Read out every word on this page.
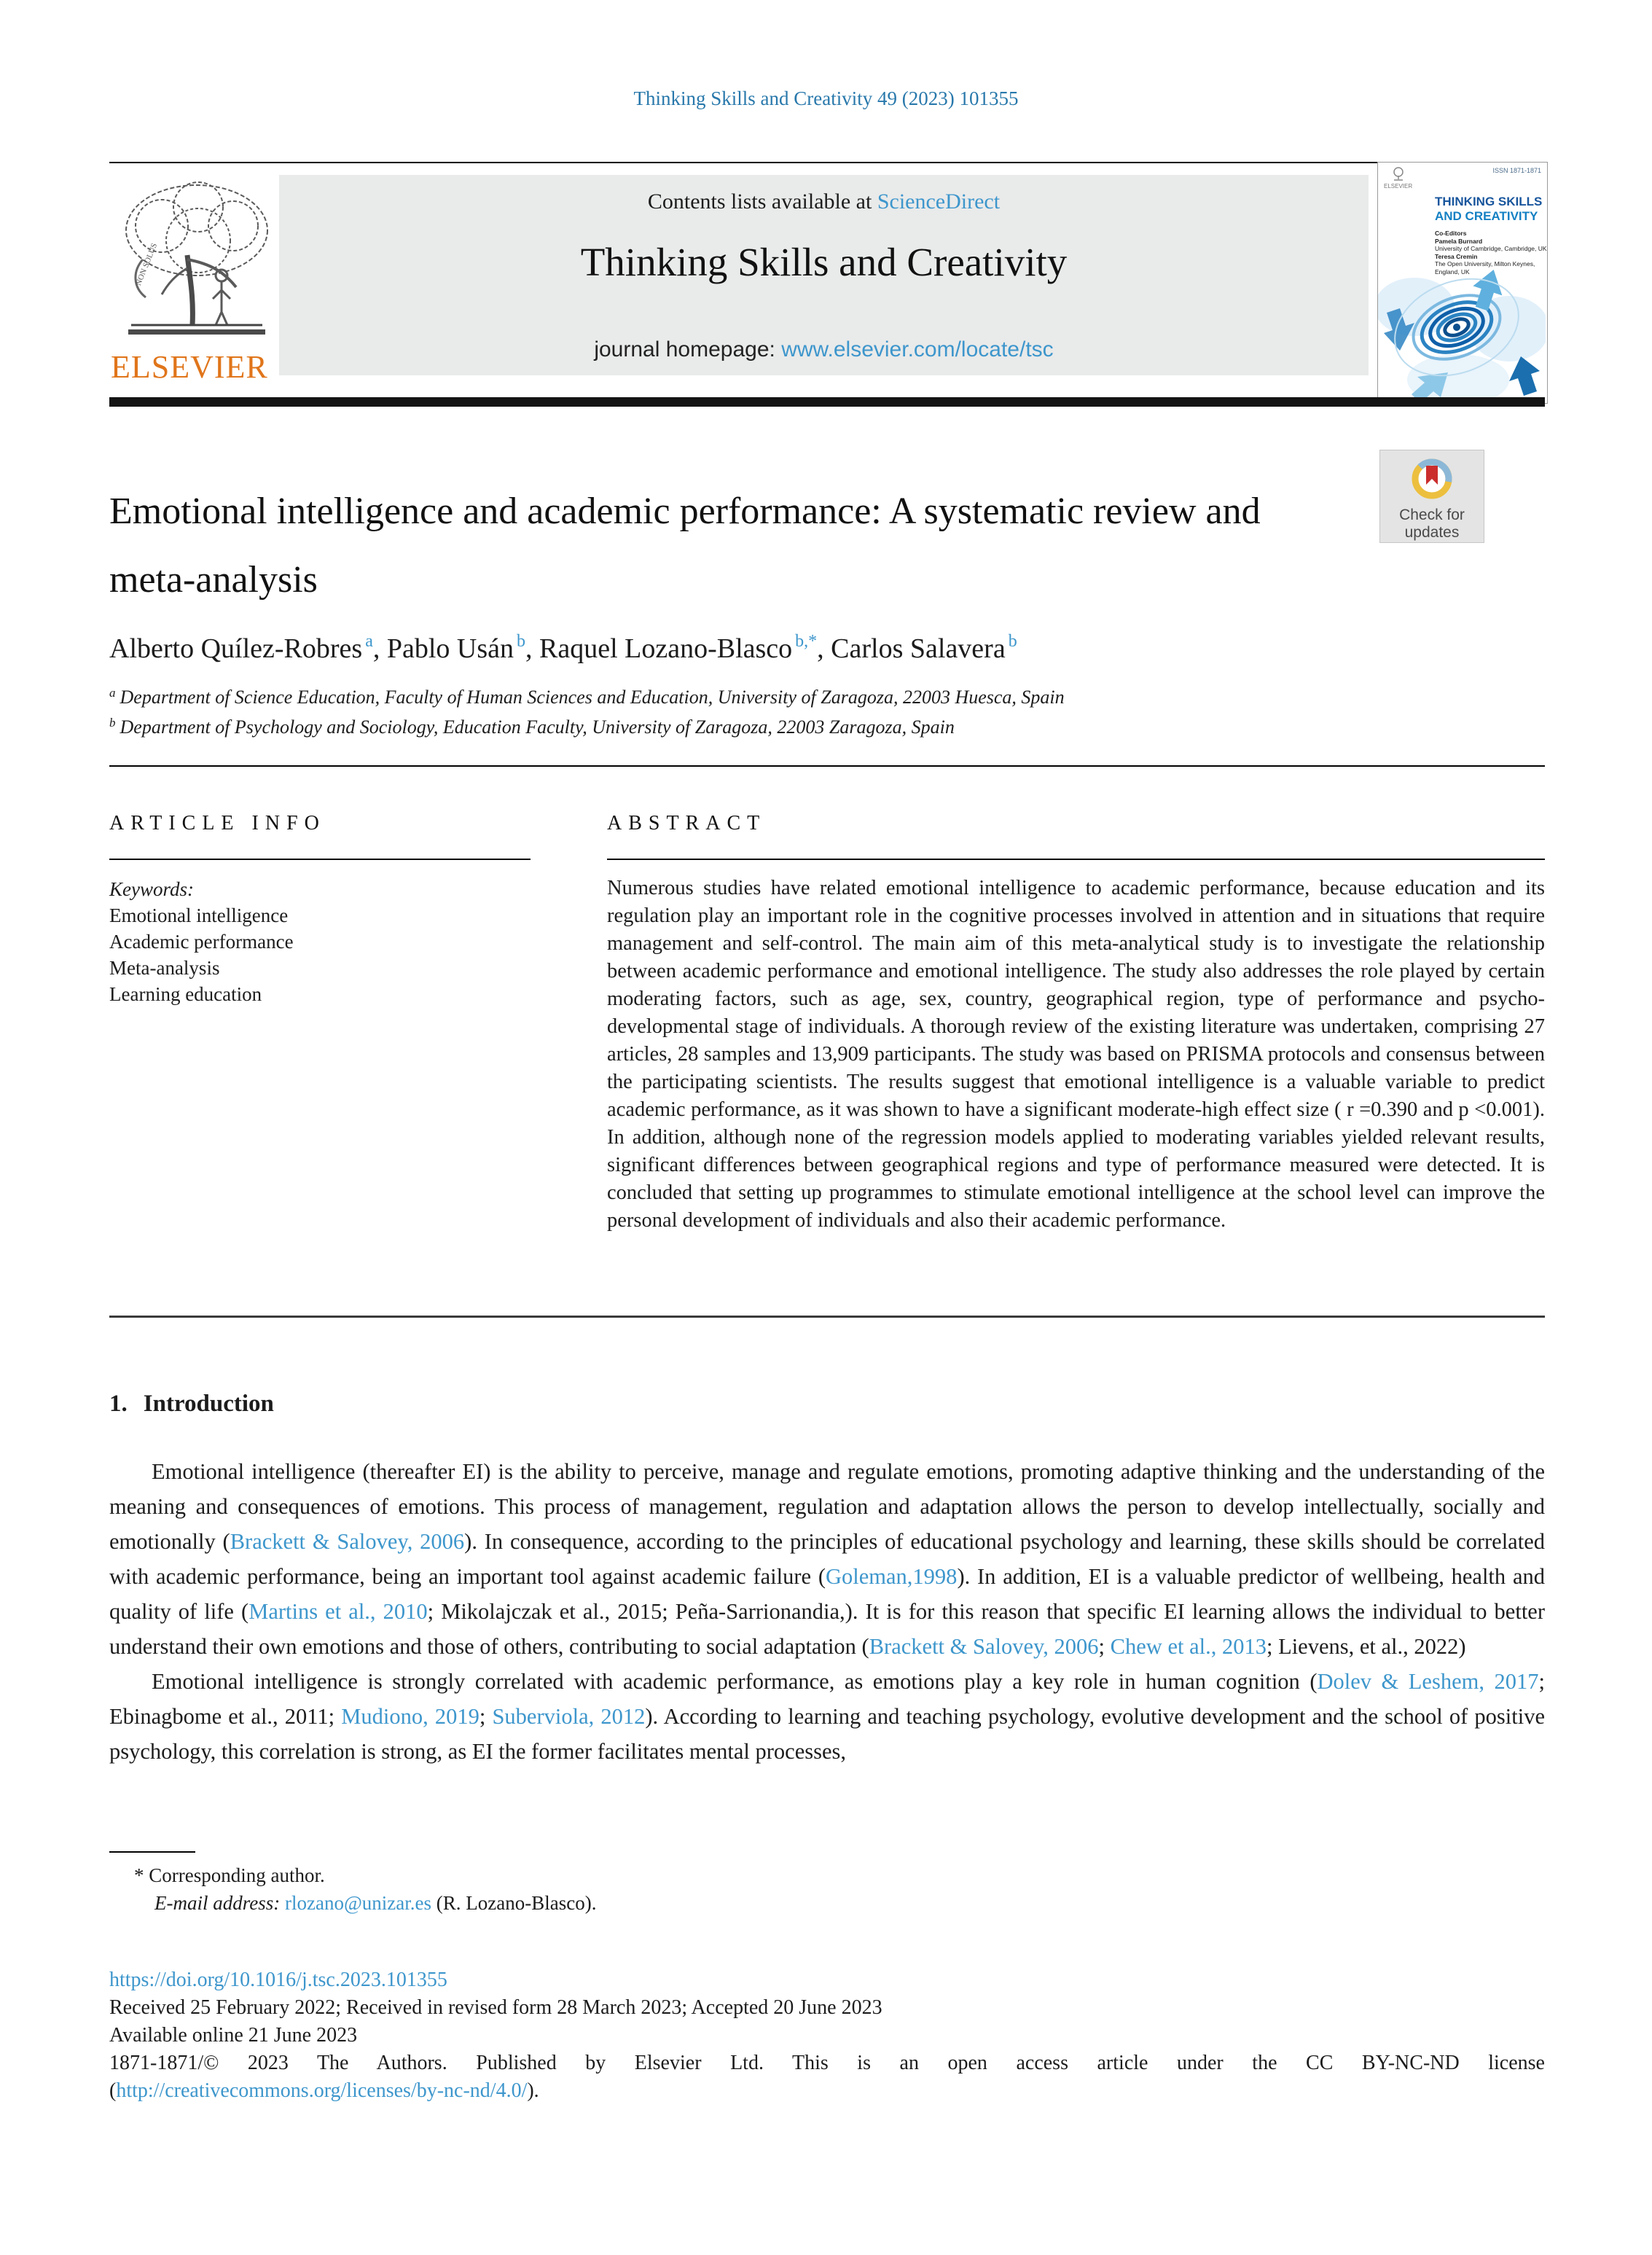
Thinking Skills and Creativity 49 (2023) 101355
NON SOLUS
ELSEVIER
Contents lists available at ScienceDirect
Thinking Skills and Creativity
journal homepage: www.elsevier.com/locate/tsc
ELSEVIER
ISSN 1871-1871
THINKING SKILLS
AND CREATIVITY
Co-Editors
Pamela Burnard
University of Cambridge, Cambridge, UK
Teresa Cremin
The Open University, Milton Keynes, England, UK
Check for
updates
Emotional intelligence and academic performance: A systematic review and meta-analysis
Alberto Quílez-Robres $^a$, Pablo Usán $^b$, Raquel Lozano-Blasco $^{b,*}$, Carlos Salavera $^b$
$^a$ Department of Science Education, Faculty of Human Sciences and Education, University of Zaragoza, 22003 Huesca, Spain
$^b$ Department of Psychology and Sociology, Education Faculty, University of Zaragoza, 22003 Zaragoza, Spain
ARTICLE INFO
Keywords:
Emotional intelligence
Academic performance
Meta-analysis
Learning education
ABSTRACT
Numerous studies have related emotional intelligence to academic performance, because education and its regulation play an important role in the cognitive processes involved in attention and in situations that require management and self-control. The main aim of this meta-analytical study is to investigate the relationship between academic performance and emotional intelligence. The study also addresses the role played by certain moderating factors, such as age, sex, country, geographical region, type of performance and psycho-developmental stage of individuals. A thorough review of the existing literature was undertaken, comprising 27 articles, 28 samples and 13,909 participants. The study was based on PRISMA protocols and consensus between the participating scientists. The results suggest that emotional intelligence is a valuable variable to predict academic performance, as it was shown to have a significant moderate-high effect size ( r =0.390 and p <0.001). In addition, although none of the regression models applied to moderating variables yielded relevant results, significant differences between geographical regions and type of performance measured were detected. It is concluded that setting up programmes to stimulate emotional intelligence at the school level can improve the personal development of individuals and also their academic performance.
1. Introduction

Emotional intelligence (thereafter EI) is the ability to perceive, manage and regulate emotions, promoting adaptive thinking and the understanding of the meaning and consequences of emotions. This process of management, regulation and adaptation allows the person to develop intellectually, socially and emotionally (Brackett & Salovey, 2006). In consequence, according to the principles of educational psychology and learning, these skills should be correlated with academic performance, being an important tool against academic failure (Goleman,1998). In addition, EI is a valuable predictor of wellbeing, health and quality of life (Martins et al., 2010; Mikolajczak et al., 2015; Peña-Sarrionandia,). It is for this reason that specific EI learning allows the individual to better understand their own emotions and those of others, contributing to social adaptation (Brackett & Salovey, 2006; Chew et al., 2013; Lievens, et al., 2022)

Emotional intelligence is strongly correlated with academic performance, as emotions play a key role in human cognition (Dolev & Leshem, 2017; Ebinagbome et al., 2011; Mudiono, 2019; Suberviola, 2012). According to learning and teaching psychology, evolutive development and the school of positive psychology, this correlation is strong, as EI the former facilitates mental processes,

* Corresponding author.
E-mail address: rlozano@unizar.es (R. Lozano-Blasco).
https://doi.org/10.1016/j.tsc.2023.101355
Received 25 February 2022; Received in revised form 28 March 2023; Accepted 20 June 2023
Available online 21 June 2023
1871-1871/© 2023 The Authors. Published by Elsevier Ltd. This is an open access article under the CC BY-NC-ND license
(http://creativecommons.org/licenses/by-nc-nd/4.0/).
